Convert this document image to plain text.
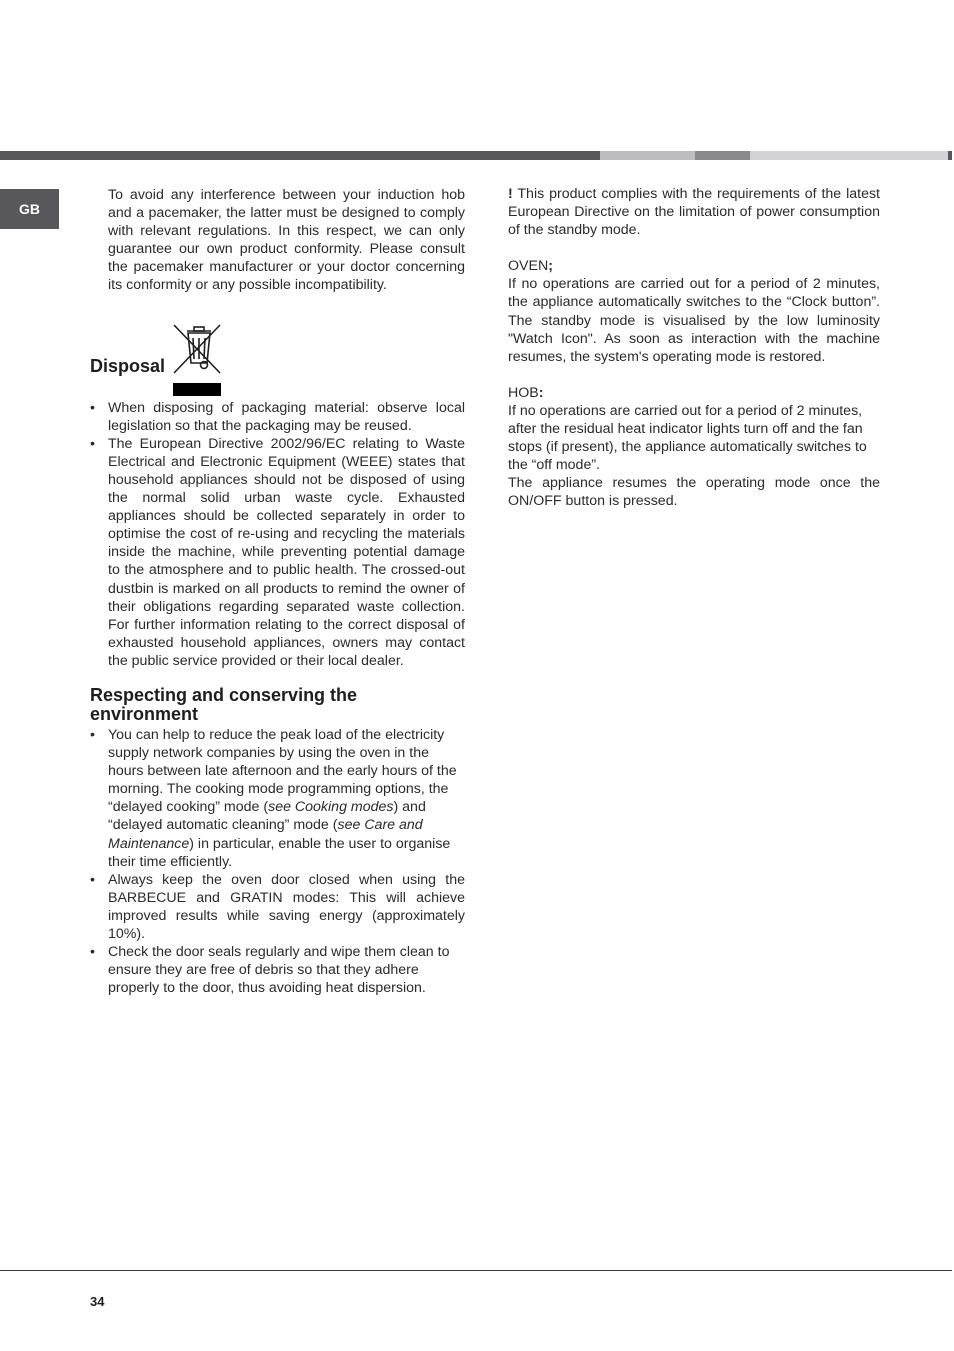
GB

To avoid any interference between your induction hob and a pacemaker, the latter must be designed to comply with relevant regulations. In this respect, we can only guarantee our own product conformity. Please consult the pacemaker manufacturer or your doctor concerning its conformity or any possible incompatibility.

Disposal
• When disposing of packaging material: observe local legislation so that the packaging may be reused.
• The European Directive 2002/96/EC relating to Waste Electrical and Electronic Equipment (WEEE) states that household appliances should not be disposed of using the normal solid urban waste cycle. Exhausted appliances should be collected separately in order to optimise the cost of re-using and recycling the materials inside the machine, while preventing potential damage to the atmosphere and to public health. The crossed-out dustbin is marked on all products to remind the owner of their obligations regarding separated waste collection. For further information relating to the correct disposal of exhausted household appliances, owners may contact the public service provided or their local dealer.
Respecting and conserving the environment
• You can help to reduce the peak load of the electricity supply network companies by using the oven in the hours between late afternoon and the early hours of the morning. The cooking mode programming options, the “delayed cooking” mode (see Cooking modes) and “delayed automatic cleaning” mode (see Care and Maintenance) in particular, enable the user to organise their time efficiently.
• Always keep the oven door closed when using the BARBECUE and GRATIN modes: This will achieve improved results while saving energy (approximately 10%).
• Check the door seals regularly and wipe them clean to ensure they are free of debris so that they adhere properly to the door, thus avoiding heat dispersion.

! This product complies with the requirements of the latest European Directive on the limitation of power consumption of the standby mode.

OVEN;

If no operations are carried out for a period of 2 minutes, the appliance automatically switches to the “Clock button”. The standby mode is visualised by the low luminosity "Watch Icon". As soon as interaction with the machine resumes, the system's operating mode is restored.

HOB:

If no operations are carried out for a period of 2 minutes, after the residual heat indicator lights turn off and the fan stops (if present), the appliance automatically switches to the “off mode”.

The appliance resumes the operating mode once the ON/OFF button is pressed.

34
